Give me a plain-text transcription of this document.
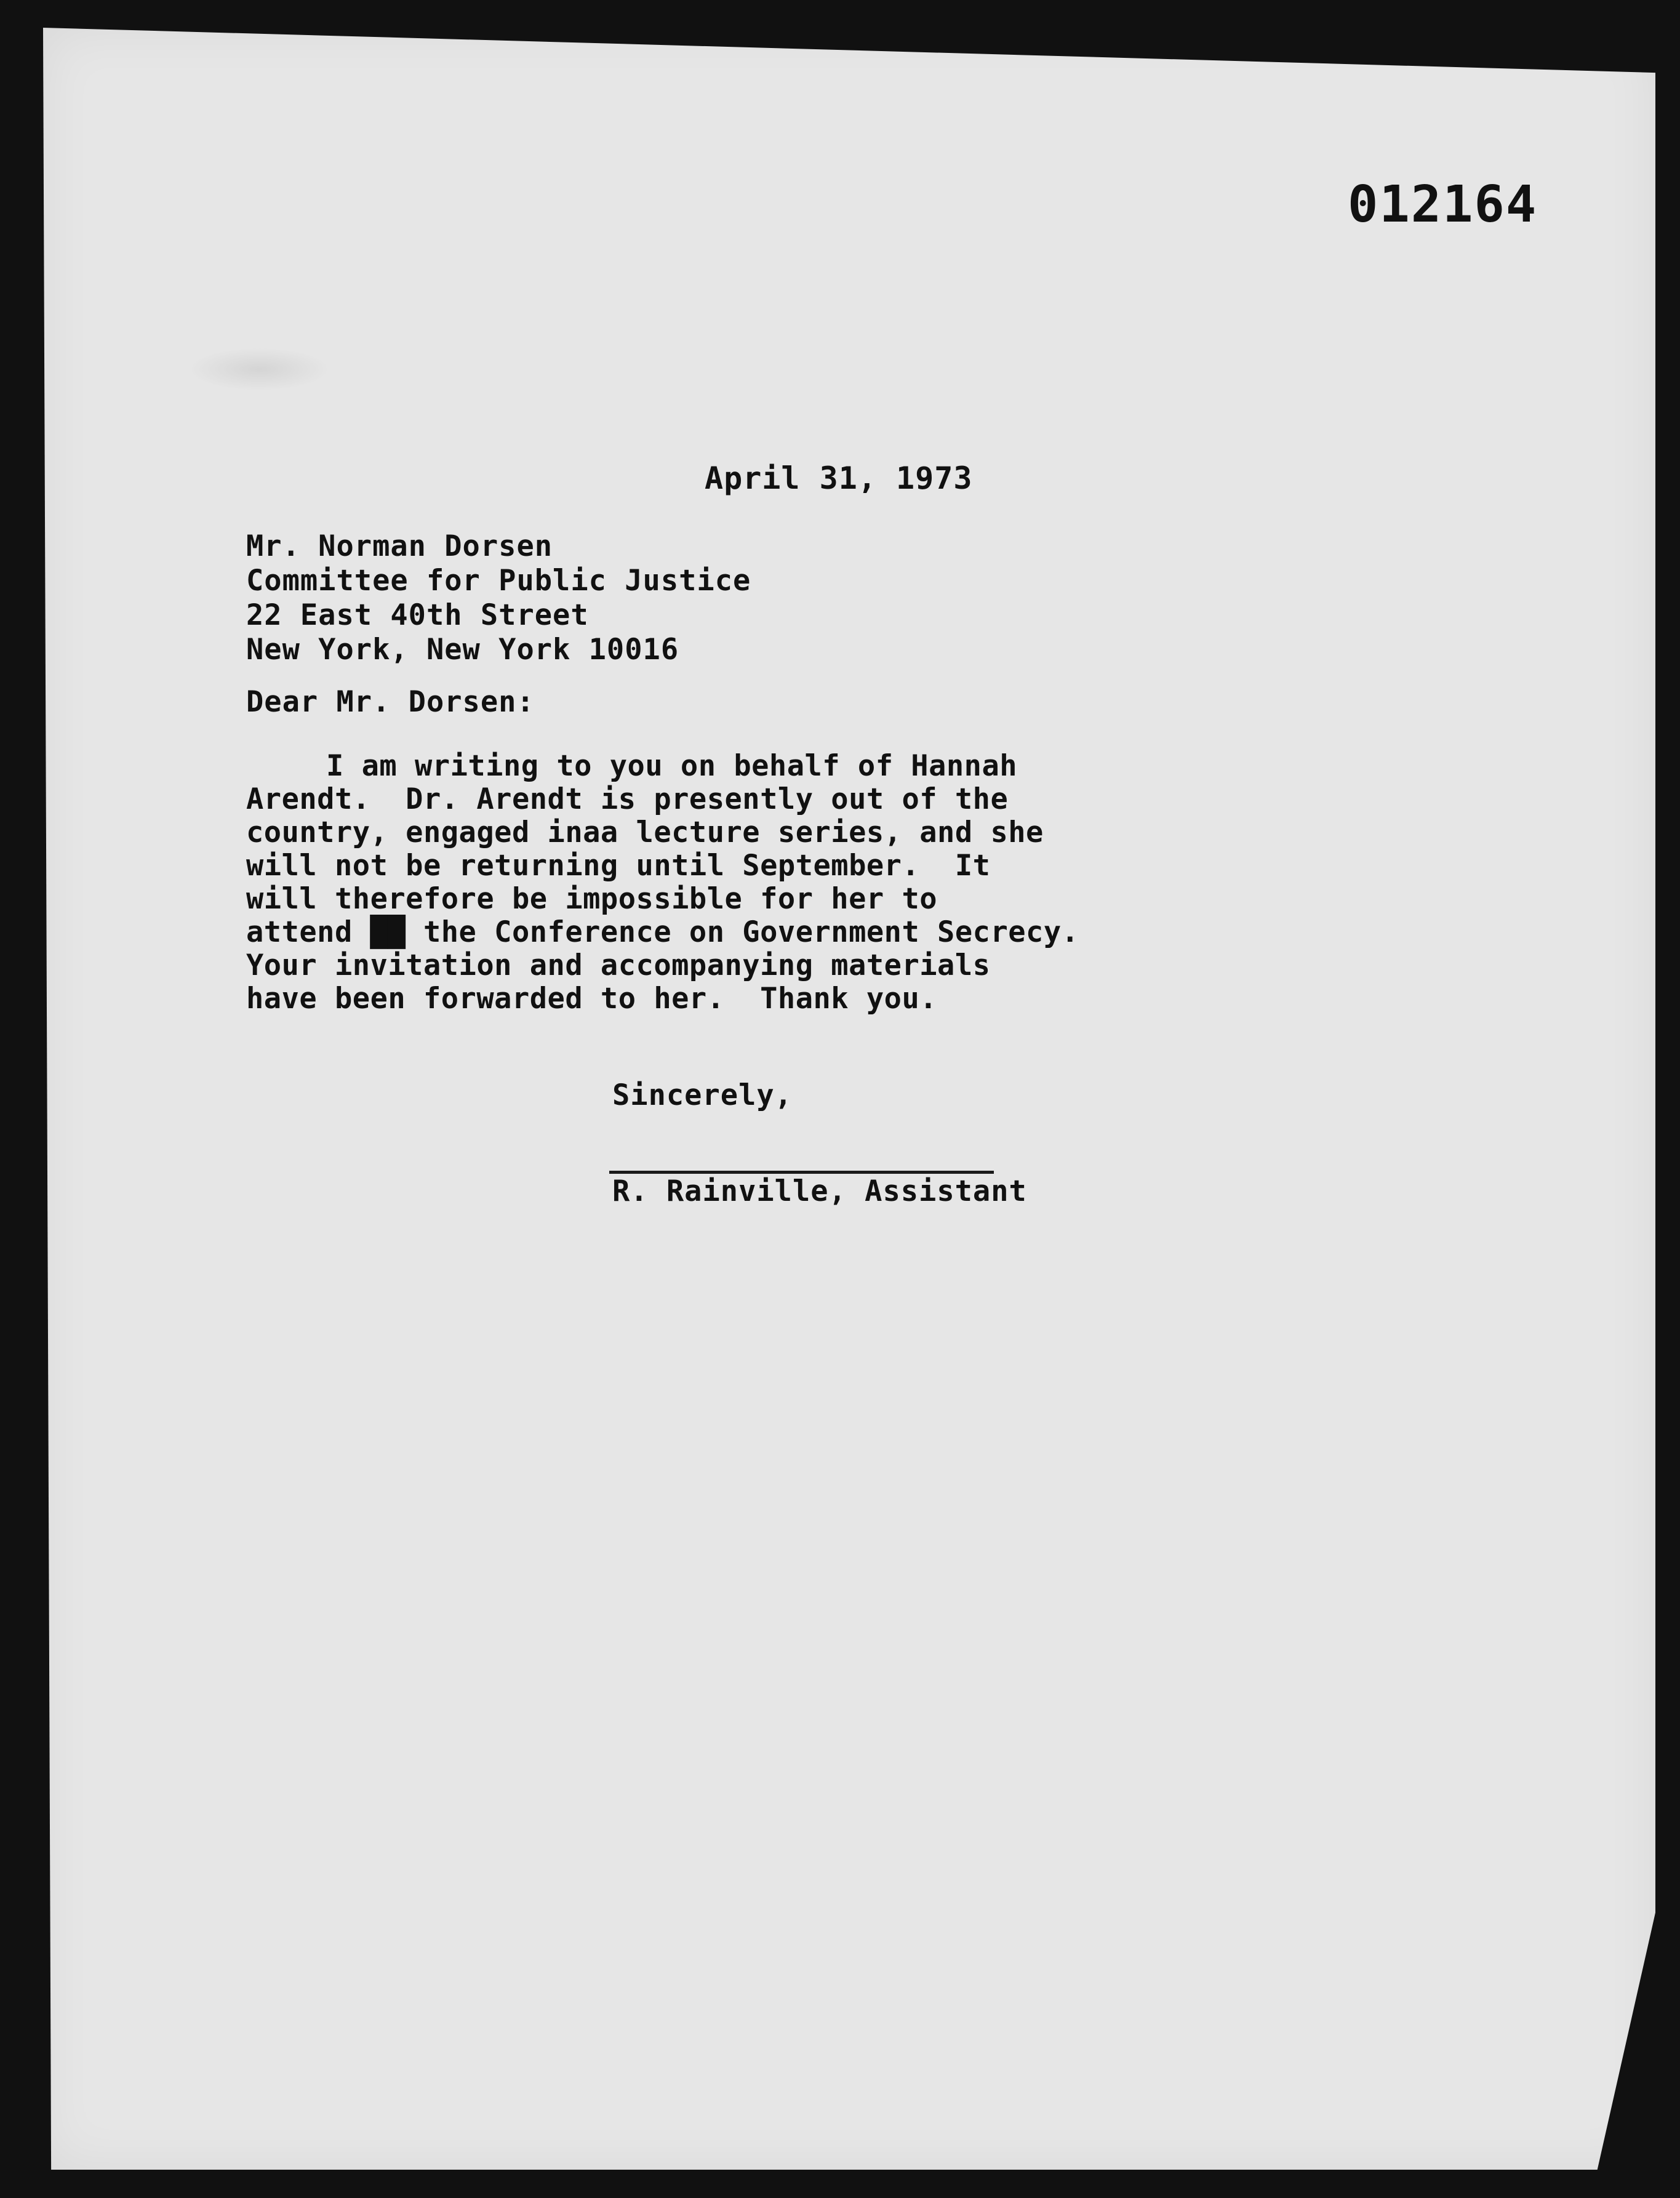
012164
April 31, 1973
Mr. Norman Dorsen
Committee for Public Justice
22 East 40th Street
New York, New York 10016
Dear Mr. Dorsen:
I am writing to you on behalf of Hannah
Arendt.  Dr. Arendt is presently out of the
country, engaged inaa lecture series, and she
will not be returning until September.  It
will therefore be impossible for her to
attend ██ the Conference on Government Secrecy.
Your invitation and accompanying materials
have been forwarded to her.  Thank you.
Sincerely,
R. Rainville, Assistant
